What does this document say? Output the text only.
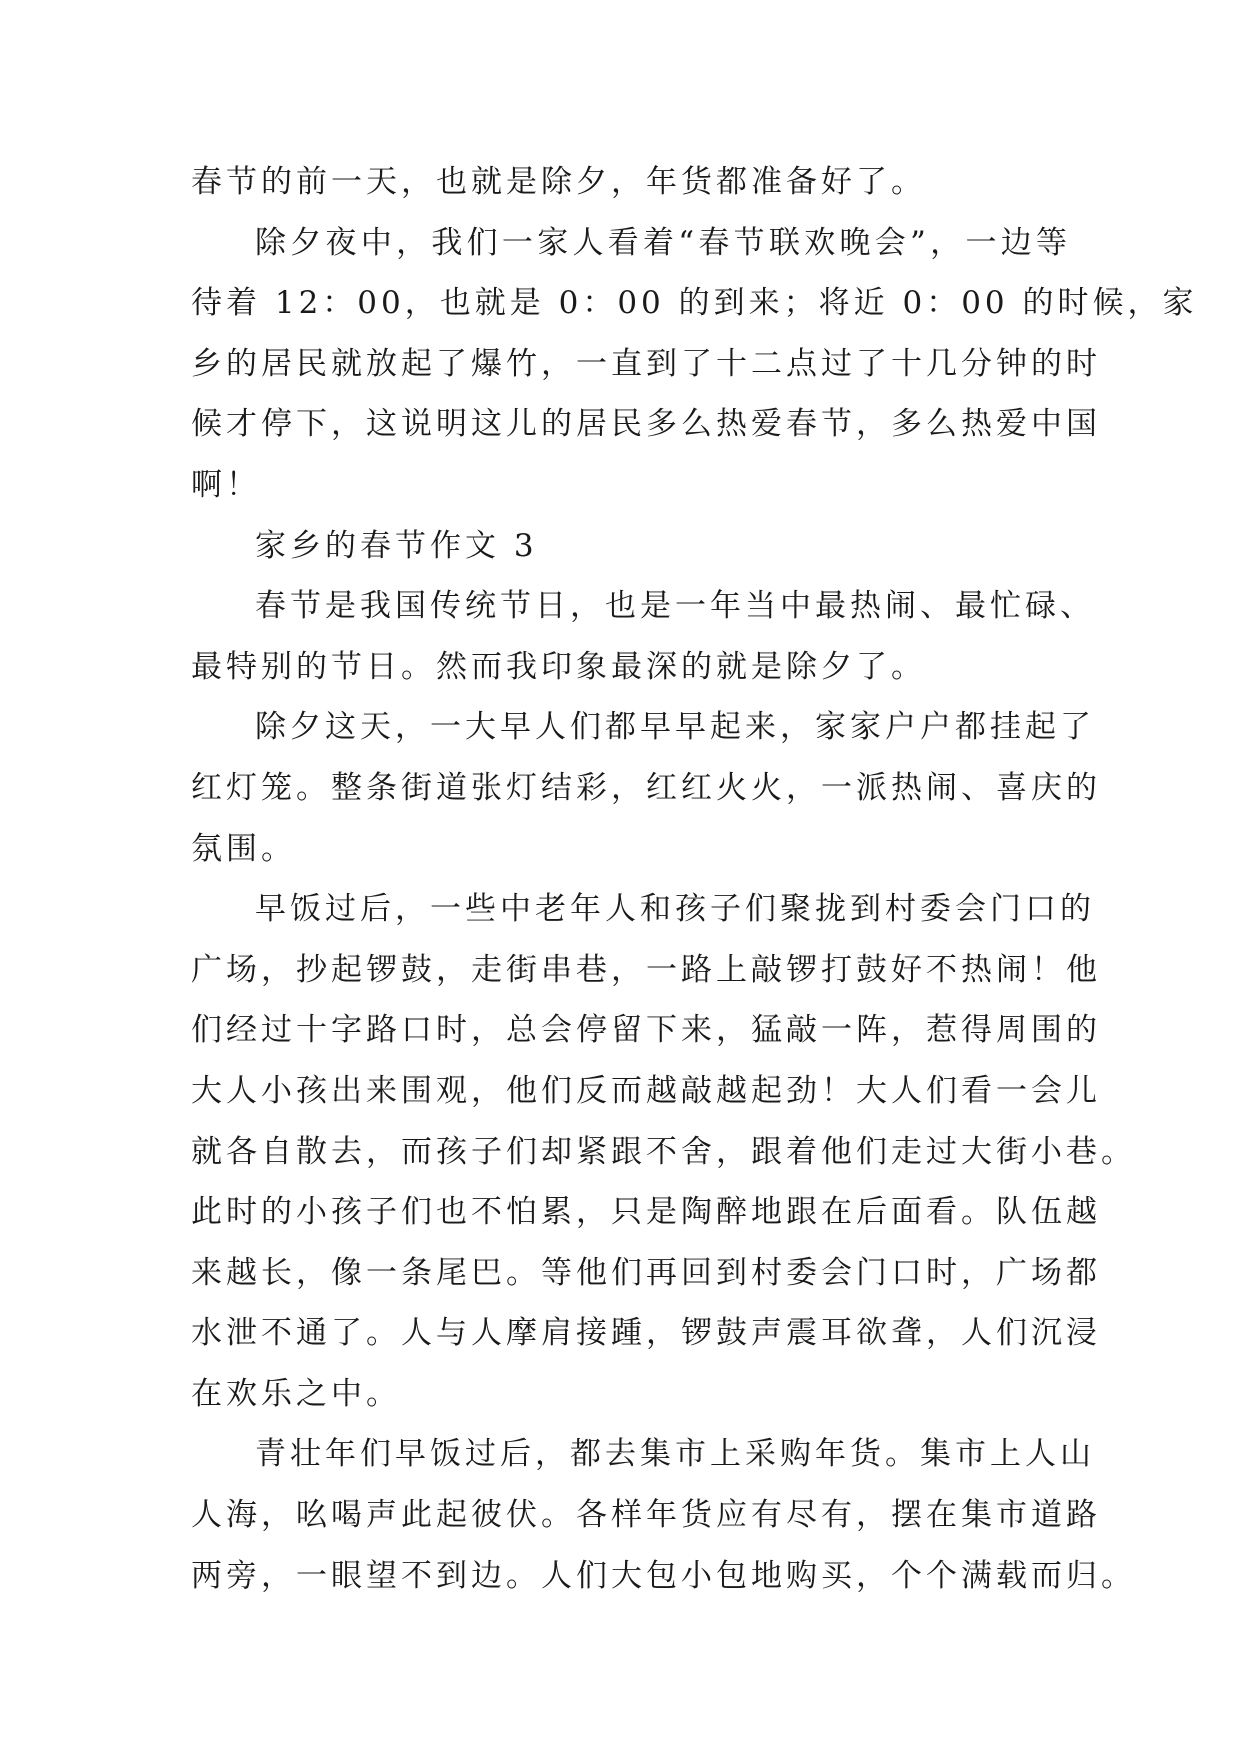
春节的前一天，也就是除夕，年货都准备好了。
除夕夜中，我们一家人看着“春节联欢晚会”，一边等
待着 12：00，也就是 0：00 的到来；将近 0：00 的时候，家
乡的居民就放起了爆竹，一直到了十二点过了十几分钟的时
候才停下，这说明这儿的居民多么热爱春节，多么热爱中国
啊！
家乡的春节作文 3
春节是我国传统节日，也是一年当中最热闹、最忙碌、
最特别的节日。然而我印象最深的就是除夕了。
除夕这天，一大早人们都早早起来，家家户户都挂起了
红灯笼。整条街道张灯结彩，红红火火，一派热闹、喜庆的
氛围。
早饭过后，一些中老年人和孩子们聚拢到村委会门口的
广场，抄起锣鼓，走街串巷，一路上敲锣打鼓好不热闹！他
们经过十字路口时，总会停留下来，猛敲一阵，惹得周围的
大人小孩出来围观，他们反而越敲越起劲！大人们看一会儿
就各自散去，而孩子们却紧跟不舍，跟着他们走过大街小巷。
此时的小孩子们也不怕累，只是陶醉地跟在后面看。队伍越
来越长，像一条尾巴。等他们再回到村委会门口时，广场都
水泄不通了。人与人摩肩接踵，锣鼓声震耳欲聋，人们沉浸
在欢乐之中。
青壮年们早饭过后，都去集市上采购年货。集市上人山
人海，吆喝声此起彼伏。各样年货应有尽有，摆在集市道路
两旁，一眼望不到边。人们大包小包地购买，个个满载而归。
